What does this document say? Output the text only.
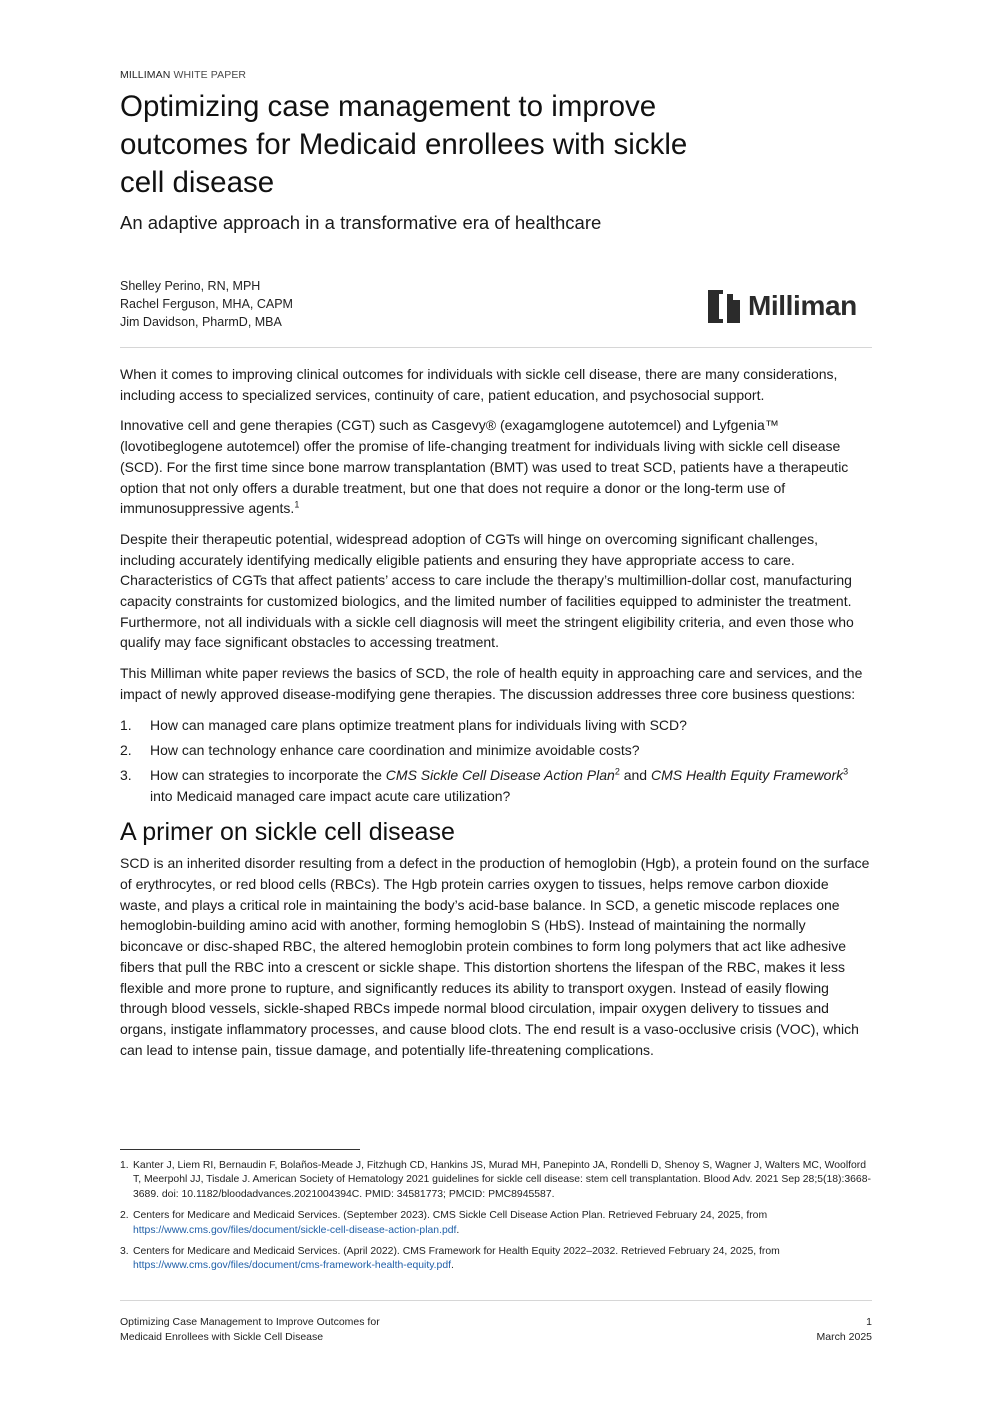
MILLIMAN WHITE PAPER
Optimizing case management to improve outcomes for Medicaid enrollees with sickle cell disease
An adaptive approach in a transformative era of healthcare
Shelley Perino, RN, MPH
Rachel Ferguson, MHA, CAPM
Jim Davidson, PharmD, MBA
Milliman

When it comes to improving clinical outcomes for individuals with sickle cell disease, there are many considerations, including access to specialized services, continuity of care, patient education, and psychosocial support.

Innovative cell and gene therapies (CGT) such as Casgevy® (exagamglogene autotemcel) and Lyfgenia™ (lovotibeglogene autotemcel) offer the promise of life-changing treatment for individuals living with sickle cell disease (SCD). For the first time since bone marrow transplantation (BMT) was used to treat SCD, patients have a therapeutic option that not only offers a durable treatment, but one that does not require a donor or the long-term use of immunosuppressive agents.$^1$

Despite their therapeutic potential, widespread adoption of CGTs will hinge on overcoming significant challenges, including accurately identifying medically eligible patients and ensuring they have appropriate access to care. Characteristics of CGTs that affect patients’ access to care include the therapy’s multimillion-dollar cost, manufacturing capacity constraints for customized biologics, and the limited number of facilities equipped to administer the treatment. Furthermore, not all individuals with a sickle cell diagnosis will meet the stringent eligibility criteria, and even those who qualify may face significant obstacles to accessing treatment.

This Milliman white paper reviews the basics of SCD, the role of health equity in approaching care and services, and the impact of newly approved disease-modifying gene therapies. The discussion addresses three core business questions:

1. How can managed care plans optimize treatment plans for individuals living with SCD?
2. How can technology enhance care coordination and minimize avoidable costs?
3. How can strategies to incorporate the CMS Sickle Cell Disease Action Plan$^2$ and CMS Health Equity Framework$^3$ into Medicaid managed care impact acute care utilization?
A primer on sickle cell disease

SCD is an inherited disorder resulting from a defect in the production of hemoglobin (Hgb), a protein found on the surface of erythrocytes, or red blood cells (RBCs). The Hgb protein carries oxygen to tissues, helps remove carbon dioxide waste, and plays a critical role in maintaining the body’s acid-base balance. In SCD, a genetic miscode replaces one hemoglobin-building amino acid with another, forming hemoglobin S (HbS). Instead of maintaining the normally biconcave or disc-shaped RBC, the altered hemoglobin protein combines to form long polymers that act like adhesive fibers that pull the RBC into a crescent or sickle shape. This distortion shortens the lifespan of the RBC, makes it less flexible and more prone to rupture, and significantly reduces its ability to transport oxygen. Instead of easily flowing through blood vessels, sickle-shaped RBCs impede normal blood circulation, impair oxygen delivery to tissues and organs, instigate inflammatory processes, and cause blood clots. The end result is a vaso-occlusive crisis (VOC), which can lead to intense pain, tissue damage, and potentially life-threatening complications.

1. Kanter J, Liem RI, Bernaudin F, Bolaños-Meade J, Fitzhugh CD, Hankins JS, Murad MH, Panepinto JA, Rondelli D, Shenoy S, Wagner J, Walters MC, Woolford T, Meerpohl JJ, Tisdale J. American Society of Hematology 2021 guidelines for sickle cell disease: stem cell transplantation. Blood Adv. 2021 Sep 28;5(18):3668-3689. doi: 10.1182/bloodadvances.2021004394C. PMID: 34581773; PMCID: PMC8945587.
2. Centers for Medicare and Medicaid Services. (September 2023). CMS Sickle Cell Disease Action Plan. Retrieved February 24, 2025, from https://www.cms.gov/files/document/sickle-cell-disease-action-plan.pdf.
3. Centers for Medicare and Medicaid Services. (April 2022). CMS Framework for Health Equity 2022–2032. Retrieved February 24, 2025, from https://www.cms.gov/files/document/cms-framework-health-equity.pdf.
Optimizing Case Management to Improve Outcomes for
Medicaid Enrollees with Sickle Cell Disease
1
March 2025
